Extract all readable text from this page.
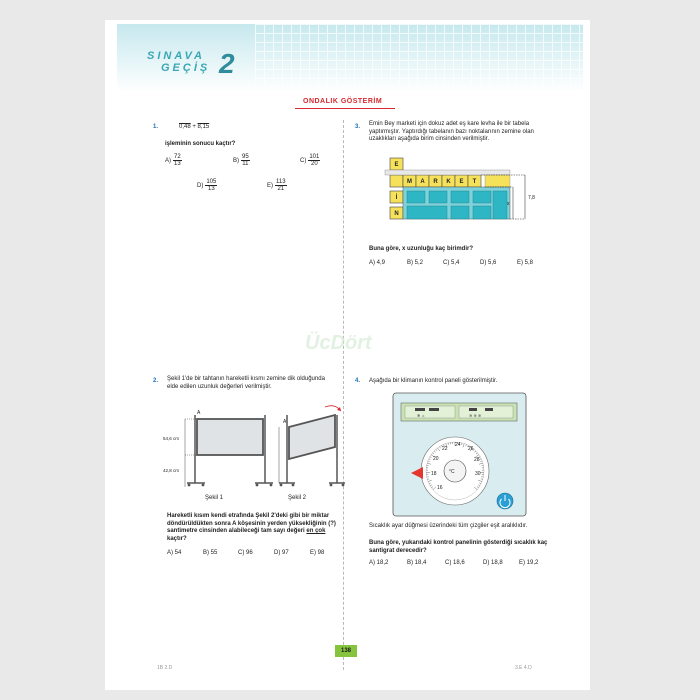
SINAVA
GEÇİŞ 2
ONDALIK GÖSTERİM
ÜcDört
1.	0,48 + 8,15
işleminin sonucu kaçtır?
$A) \frac{72}{13}$	$B) \frac{95}{11}$	$C) \frac{101}{20}$
$D) \frac{105}{13}$	$E) \frac{113}{21}$
3. Emin Bey marketi için dokuz adet eş kare levha ile bir tabela yaptırmıştır. Yaptırdığı tabelanın bazı noktalarının zemine olan uzaklıkları aşağıda birim cinsinden verilmiştir.
E
M A R K E T
İ
N
7,8
x
Buna göre, x uzunluğu kaç birimdir?
A) 4,9	B) 5,2	C) 5,4	D) 5,6	E) 5,8
2. Şekil 1'de bir tahtanın hareketli kısmı zemine dik olduğunda elde edilen uzunluk değerleri verilmiştir.
A
54,6 cm
42,8 cm
A
Şekil 1	Şekil 2
Hareketli kısım kendi etrafında Şekil 2'deki gibi bir miktar döndürüldükten sonra A köşesinin yerden yüksekliğinin (?) santimetre cinsinden alabileceği tam sayı değeri en çok kaçtır?
A) 54	B) 55	C) 96	D) 97	E) 98
4. Aşağıda bir klimanın kontrol paneli gösterilmiştir.
❄ ☼	≋ ≋ ≋
°C
16
18
20
22
24
26
28
30
Sıcaklık ayar düğmesi üzerindeki tüm çizgiler eşit aralıklıdır.
Buna göre, yukarıdaki kontrol panelinin gösterdiği sıcaklık kaç santigrat derecedir?
A) 18,2	B) 18,4	C) 18,6	D) 18,8	E) 19,2
1B 2.D	3.E 4.D
138
